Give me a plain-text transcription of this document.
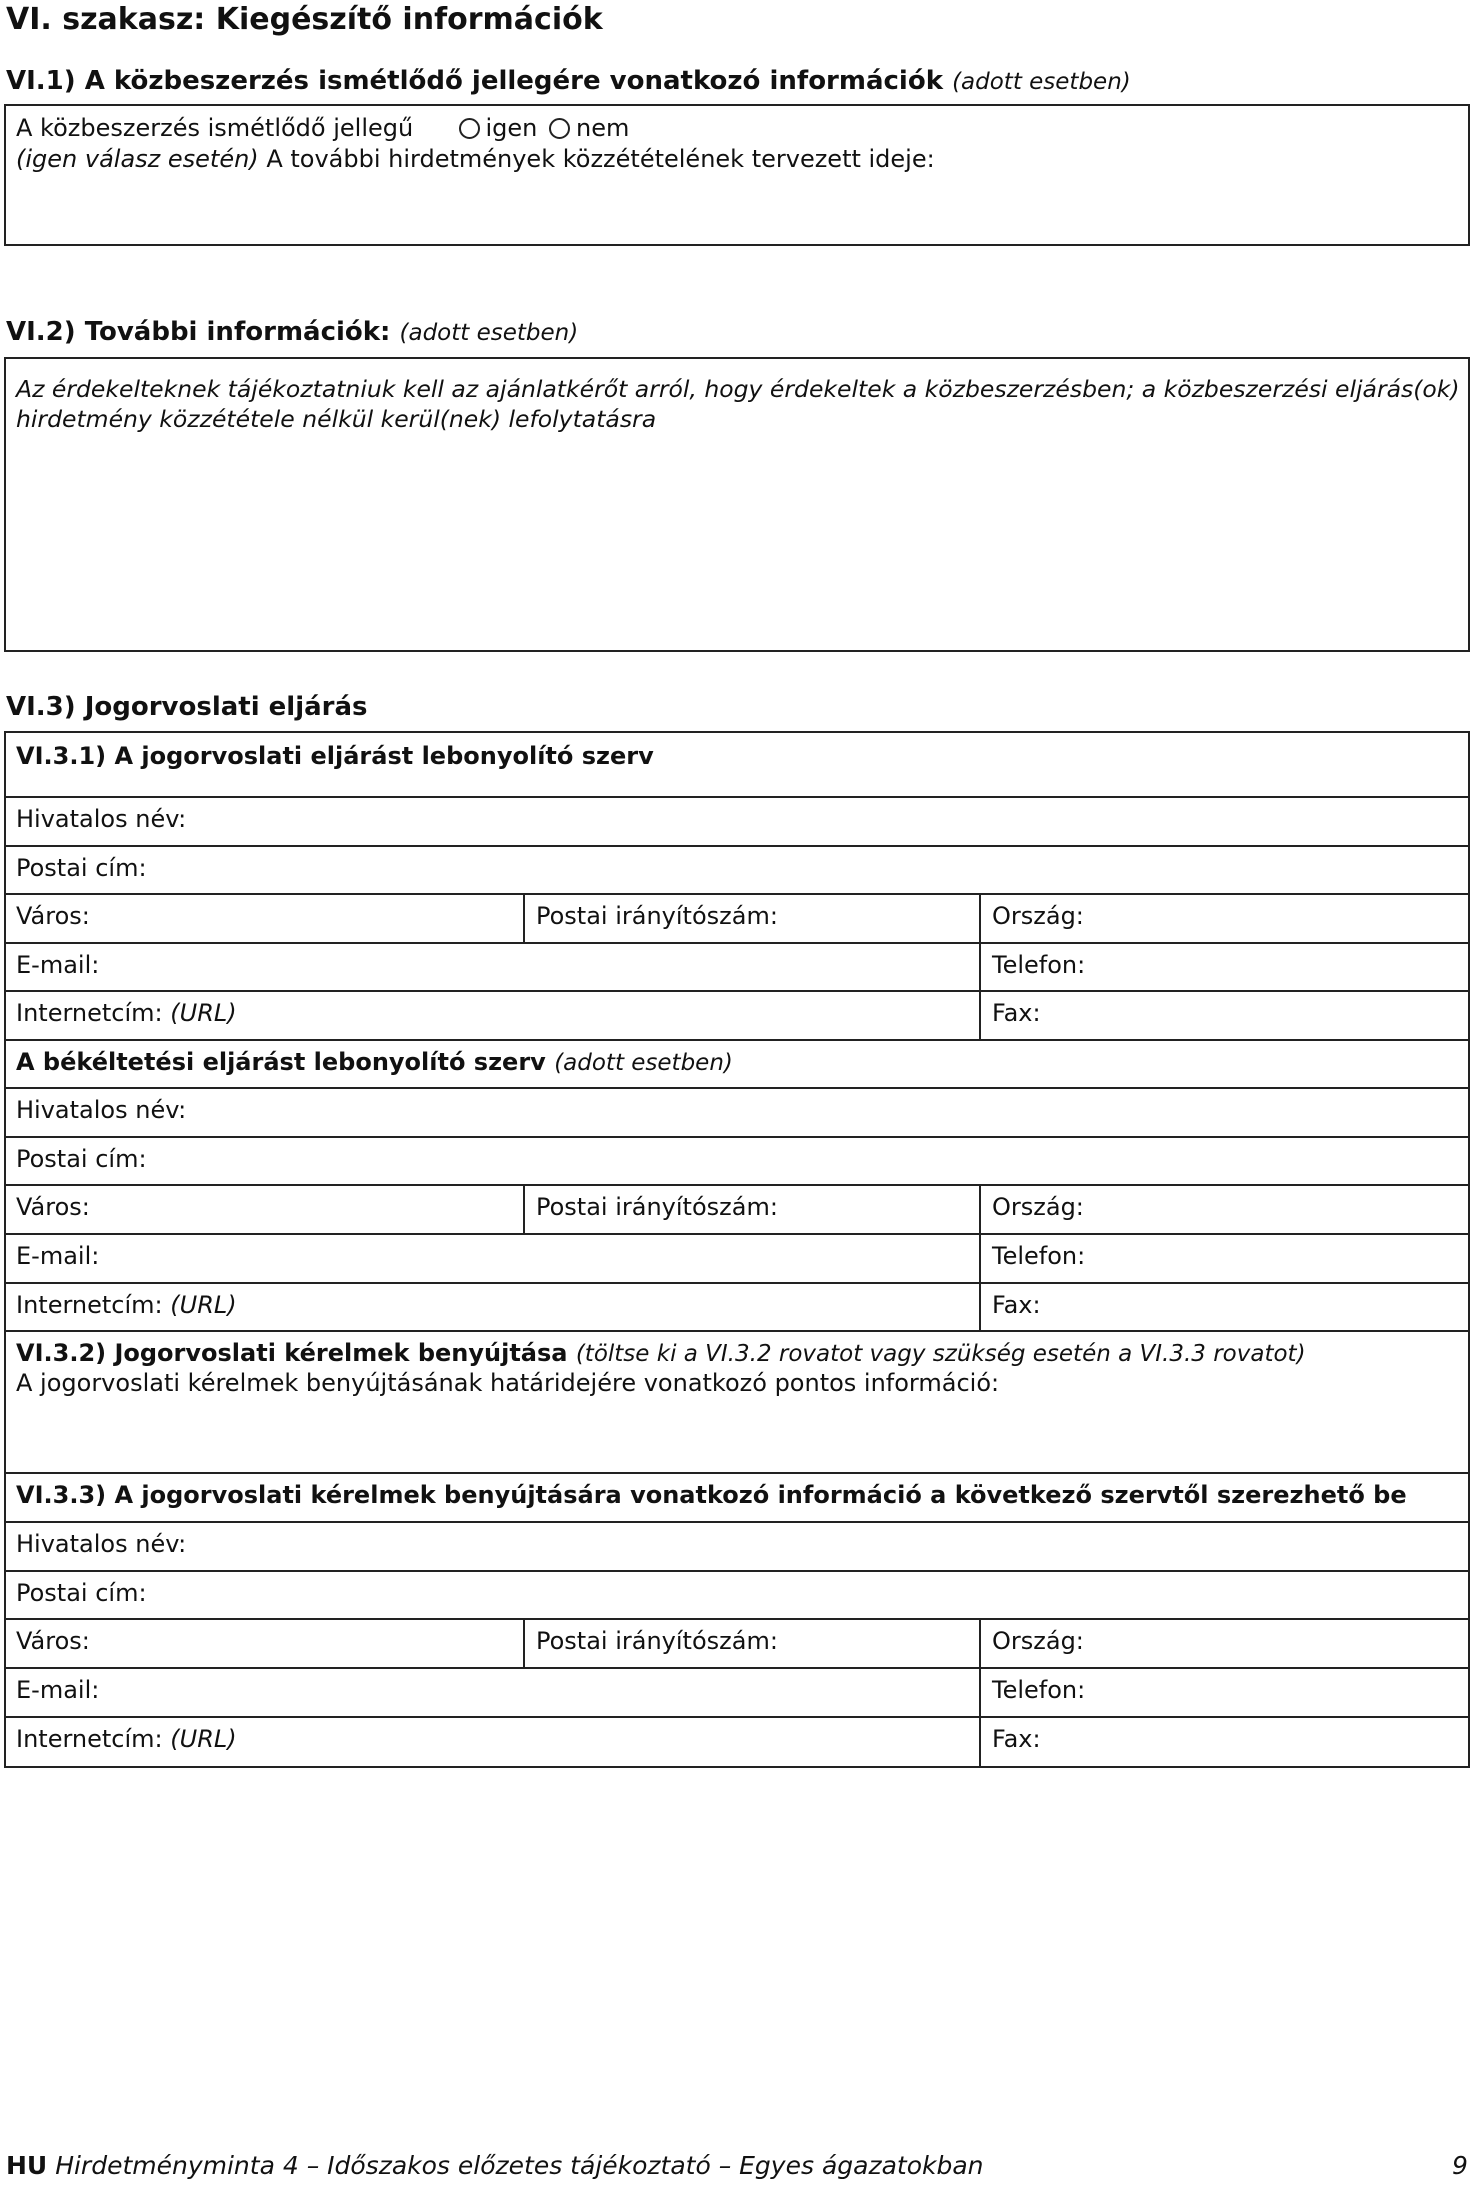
VI. szakasz: Kiegészítő információk
VI.1) A közbeszerzés ismétlődő jellegére vonatkozó információk (adott esetben)
A közbeszerzés ismétlődő jellegű	igen nem
(igen válasz esetén) A további hirdetmények közzétételének tervezett ideje:
VI.2) További információk: (adott esetben)
Az érdekelteknek tájékoztatniuk kell az ajánlatkérőt arról, hogy érdekeltek a közbeszerzésben; a közbeszerzési eljárás(ok) hirdetmény közzététele nélkül kerül(nek) lefolytatásra
VI.3) Jogorvoslati eljárás
VI.3.1) A jogorvoslati eljárást lebonyolító szerv
Hivatalos név:
Postai cím:
Város:	Postai irányítószám:	Ország:
E-mail:	Telefon:
Internetcím: (URL)	Fax:
A békéltetési eljárást lebonyolító szerv (adott esetben)
Hivatalos név:
Postai cím:
Város:	Postai irányítószám:	Ország:
E-mail:	Telefon:
Internetcím: (URL)	Fax:
VI.3.2) Jogorvoslati kérelmek benyújtása (töltse ki a VI.3.2 rovatot vagy szükség esetén a VI.3.3 rovatot)
A jogorvoslati kérelmek benyújtásának határidejére vonatkozó pontos információ:
VI.3.3) A jogorvoslati kérelmek benyújtására vonatkozó információ a következő szervtől szerezhető be
Hivatalos név:
Postai cím:
Város:	Postai irányítószám:	Ország:
E-mail:	Telefon:
Internetcím: (URL)	Fax:
HU Hirdetményminta 4 – Időszakos előzetes tájékoztató – Egyes ágazatokban	9
